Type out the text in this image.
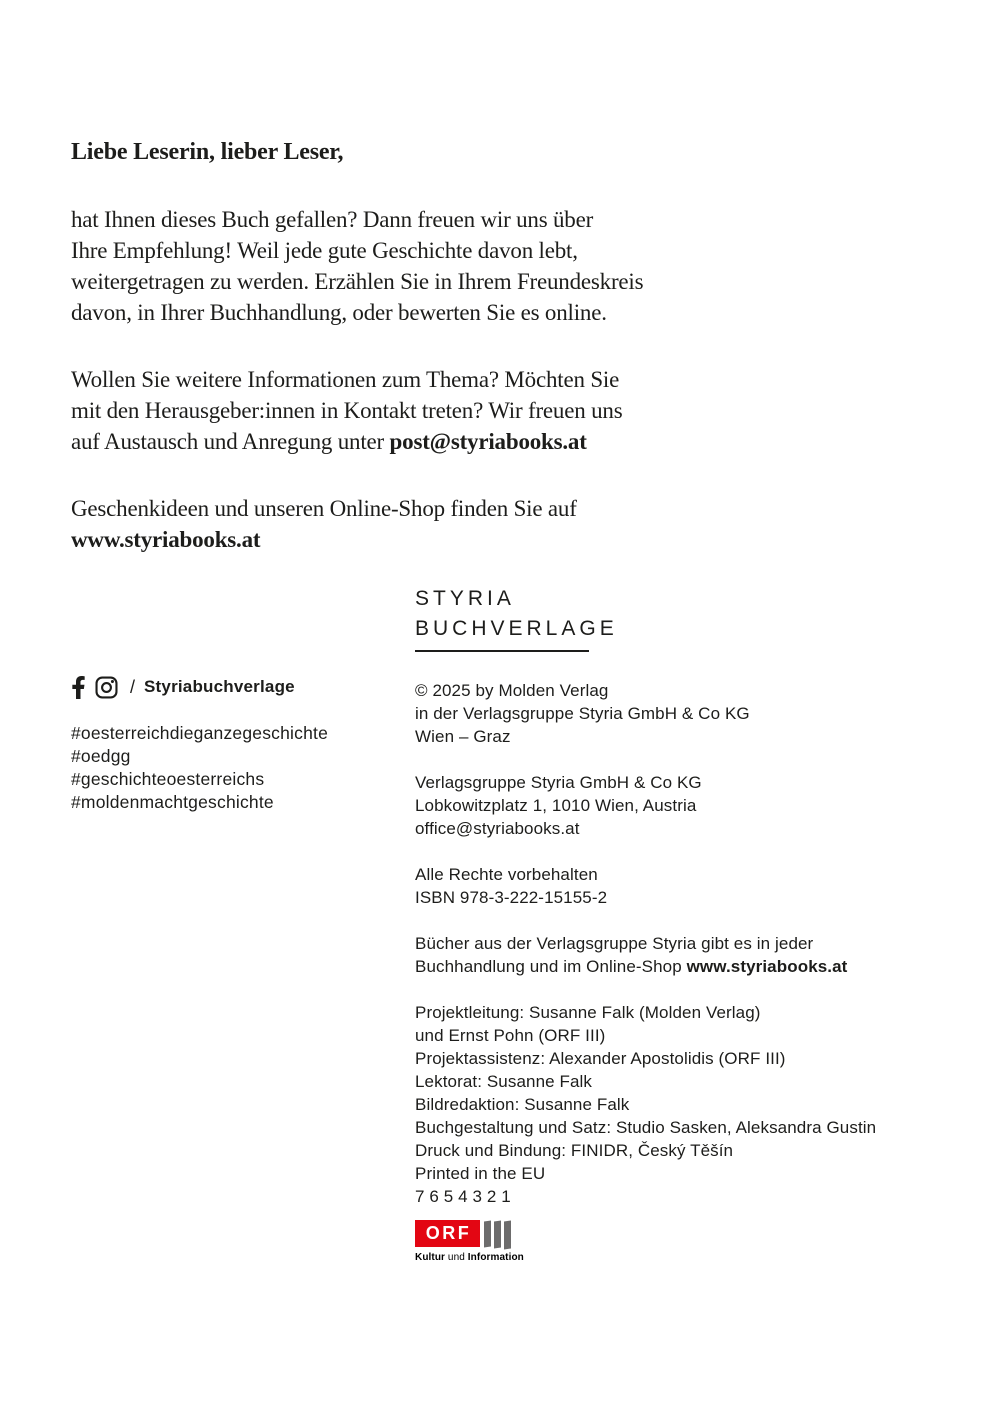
Liebe Leserin, lieber Leser,

hat Ihnen dieses Buch gefallen? Dann freuen wir uns über
Ihre Empfehlung! Weil jede gute Geschichte davon lebt,
weitergetragen zu werden. Erzählen Sie in Ihrem Freundeskreis
davon, in Ihrer Buchhandlung, oder bewerten Sie es online.

Wollen Sie weitere Informationen zum Thema? Möchten Sie
mit den Herausgeber:innen in Kontakt treten? Wir freuen uns
auf Austausch und Anregung unter post@styriabooks.at

Geschenkideen und unseren Online-Shop finden Sie auf
www.styriabooks.at

STYRIA
BUCHVERLAGE
/ Styriabuchverlage
#oesterreichdieganzegeschichte
#oedgg
#geschichteoesterreichs
#moldenmachtgeschichte

© 2025 by Molden Verlag
in der Verlagsgruppe Styria GmbH & Co KG
Wien – Graz

Verlagsgruppe Styria GmbH & Co KG
Lobkowitzplatz 1, 1010 Wien, Austria
office@styriabooks.at

Alle Rechte vorbehalten
ISBN 978-3-222-15155-2

Bücher aus der Verlagsgruppe Styria gibt es in jeder
Buchhandlung und im Online-Shop www.styriabooks.at

Projektleitung: Susanne Falk (Molden Verlag)
und Ernst Pohn (ORF III)
Projektassistenz: Alexander Apostolidis (ORF III)
Lektorat: Susanne Falk
Bildredaktion: Susanne Falk
Buchgestaltung und Satz: Studio Sasken, Aleksandra Gustin
Druck und Bindung: FINIDR, Český Těšín
Printed in the EU
7 6 5 4 3 2 1

ORF
Kultur und Information
